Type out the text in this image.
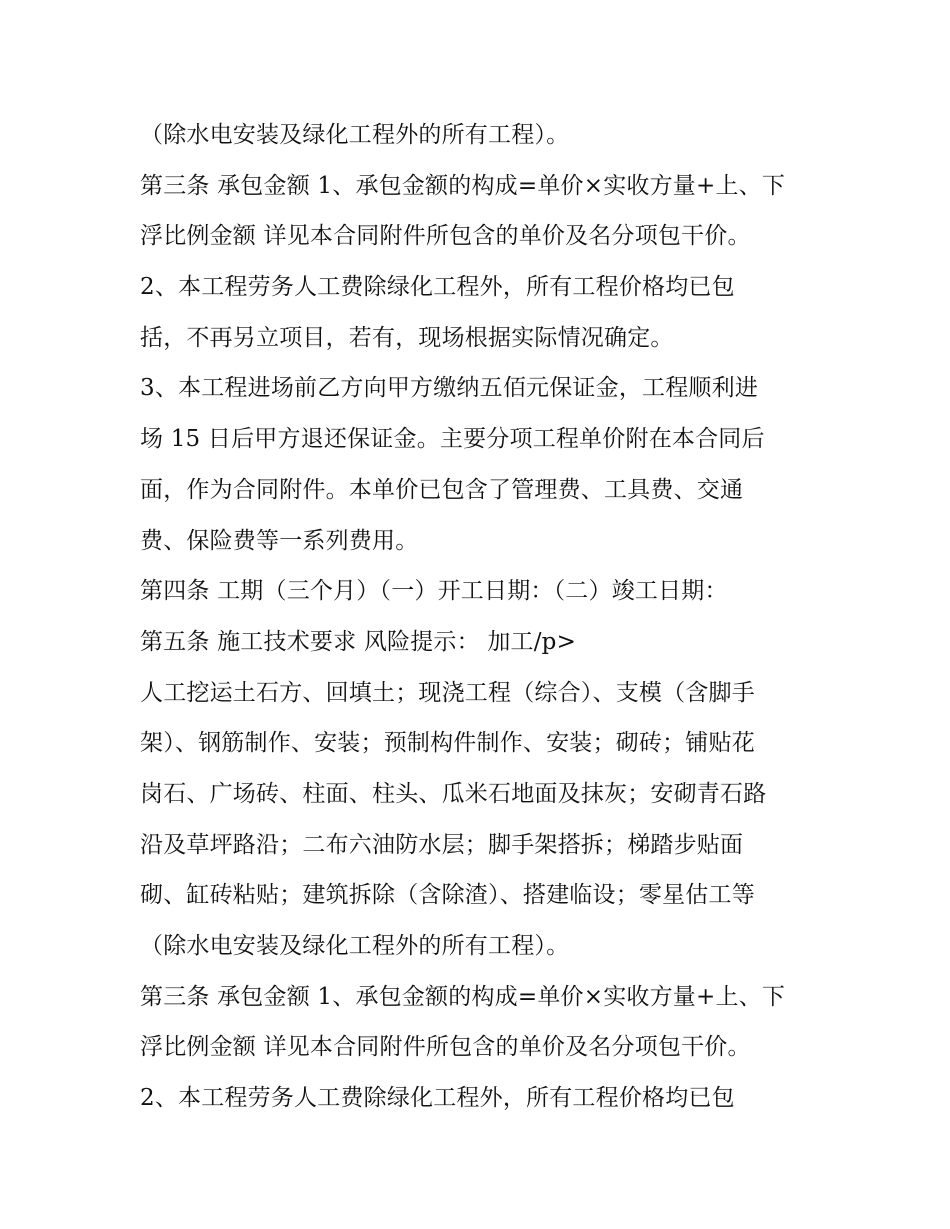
（除水电安装及绿化工程外的所有工程）。
第三条 承包金额 1、承包金额的构成=单价×实收方量+上、下
浮比例金额 详见本合同附件所包含的单价及名分项包干价。
2、本工程劳务人工费除绿化工程外，所有工程价格均已包
括，不再另立项目，若有，现场根据实际情况确定。
3、本工程进场前乙方向甲方缴纳五佰元保证金，工程顺利进
场 15 日后甲方退还保证金。主要分项工程单价附在本合同后
面，作为合同附件。本单价已包含了管理费、工具费、交通
费、保险费等一系列费用。
第四条 工期（三个月）（一）开工日期：（二）竣工日期：
第五条 施工技术要求 风险提示： 加工/p>
人工挖运土石方、回填土；现浇工程（综合）、支模（含脚手
架）、钢筋制作、安装；预制构件制作、安装；砌砖；铺贴花
岗石、广场砖、柱面、柱头、瓜米石地面及抹灰；安砌青石路
沿及草坪路沿；二布六油防水层；脚手架搭拆；梯踏步贴面
砌、缸砖粘贴；建筑拆除（含除渣）、搭建临设；零星估工等
（除水电安装及绿化工程外的所有工程）。
第三条 承包金额 1、承包金额的构成=单价×实收方量+上、下
浮比例金额 详见本合同附件所包含的单价及名分项包干价。
2、本工程劳务人工费除绿化工程外，所有工程价格均已包
